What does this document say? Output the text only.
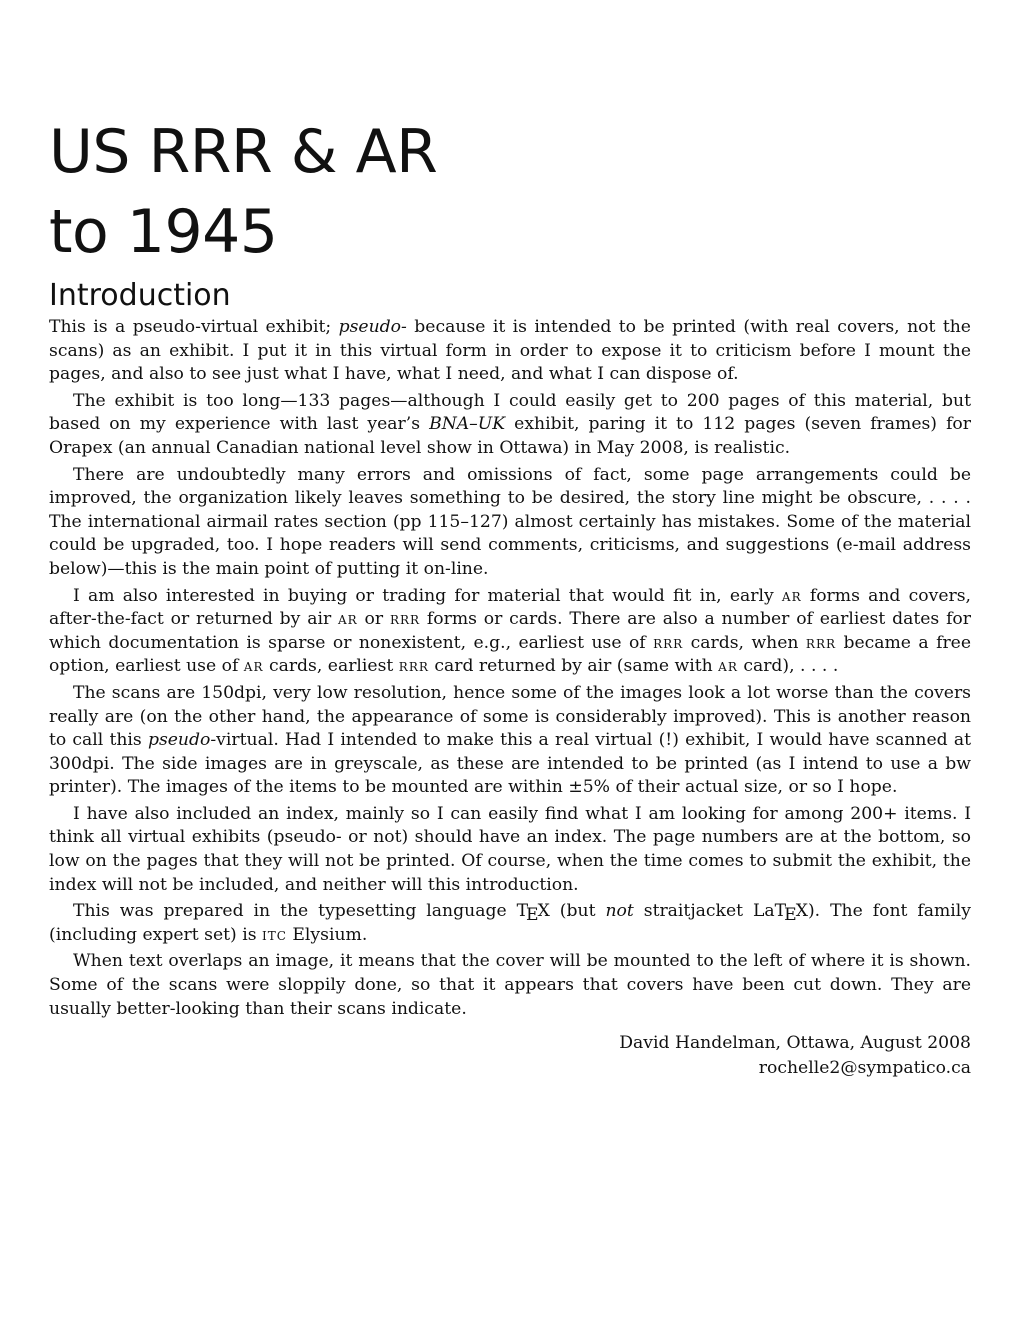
US RRR & AR
to 1945
Introduction

This is a pseudo-virtual exhibit; pseudo- because it is intended to be printed (with real covers, not the scans) as an exhibit. I put it in this virtual form in order to expose it to criticism before I mount the pages, and also to see just what I have, what I need, and what I can dispose of.

The exhibit is too long—133 pages—although I could easily get to 200 pages of this material, but based on my experience with last year’s BNA–UK exhibit, paring it to 112 pages (seven frames) for Orapex (an annual Canadian national level show in Ottawa) in May 2008, is realistic.

There are undoubtedly many errors and omissions of fact, some page arrangements could be improved, the organization likely leaves something to be desired, the story line might be obscure, . . . . The international airmail rates section (pp 115–127) almost certainly has mistakes. Some of the material could be upgraded, too. I hope readers will send comments, criticisms, and suggestions (e-mail address below)—this is the main point of putting it on-line.

I am also interested in buying or trading for material that would fit in, early ar forms and covers, after-the-fact or returned by air ar or rrr forms or cards. There are also a number of earliest dates for which documentation is sparse or nonexistent, e.g., earliest use of rrr cards, when rrr became a free option, earliest use of ar cards, earliest rrr card returned by air (same with ar card), . . . .

The scans are 150dpi, very low resolution, hence some of the images look a lot worse than the covers really are (on the other hand, the appearance of some is considerably improved). This is another reason to call this pseudo-virtual. Had I intended to make this a real virtual (!) exhibit, I would have scanned at 300dpi. The side images are in greyscale, as these are intended to be printed (as I intend to use a bw printer). The images of the items to be mounted are within ±5% of their actual size, or so I hope.

I have also included an index, mainly so I can easily find what I am looking for among 200+ items. I think all virtual exhibits (pseudo- or not) should have an index. The page numbers are at the bottom, so low on the pages that they will not be printed. Of course, when the time comes to submit the exhibit, the index will not be included, and neither will this introduction.

This was prepared in the typesetting language TEX (but not straitjacket LaTEX). The font family (including expert set) is itc Elysium.

When text overlaps an image, it means that the cover will be mounted to the left of where it is shown. Some of the scans were sloppily done, so that it appears that covers have been cut down. They are usually better-looking than their scans indicate.

David Handelman, Ottawa, August 2008
rochelle2@sympatico.ca
